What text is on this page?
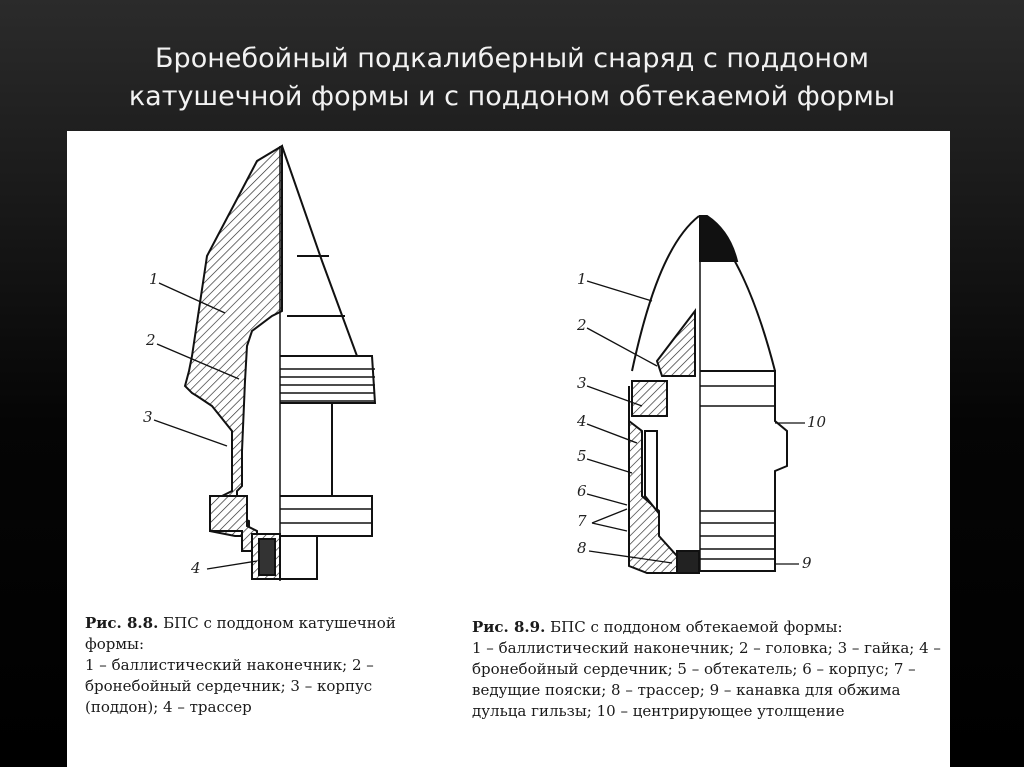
Бронебойный подкалиберный снаряд с поддоном
катушечной формы и с поддоном обтекаемой формы
1
2
3
4
1
2
3
4
5
6
7
8
9
10

Рис. 8.8. БПС с поддоном катушечной формы:
1 – баллистический наконечник; 2 – бронебойный сердечник; 3 – корпус (поддон); 4 – трассер

Рис. 8.9. БПС с поддоном обтекаемой формы:
1 – баллистический наконечник; 2 – головка; 3 – гайка; 4 – бронебойный сердечник; 5 – обтекатель; 6 – корпус; 7 – ведущие пояски; 8 – трассер; 9 – канавка для обжима дульца гильзы; 10 – центрирующее утолщение
